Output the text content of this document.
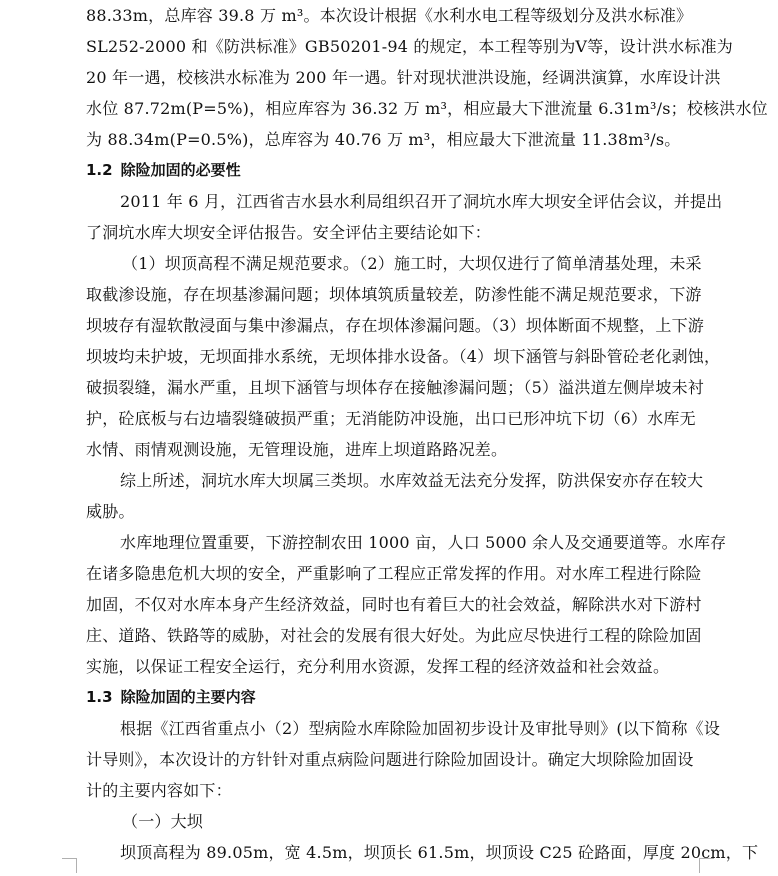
88.33m，总库容 39.8 万 m³。本次设计根据《水利水电工程等级划分及洪水标准》
SL252-2000 和《防洪标准》GB50201-94 的规定，本工程等别为Ⅴ等，设计洪水标准为
20 年一遇，校核洪水标准为 200 年一遇。针对现状泄洪设施，经调洪演算，水库设计洪
水位 87.72m(P=5%)，相应库容为 36.32 万 m³，相应最大下泄流量 6.31m³/s；校核洪水位
为 88.34m(P=0.5%)，总库容为 40.76 万 m³，相应最大下泄流量 11.38m³/s。
1.2 除险加固的必要性
2011 年 6 月，江西省吉水县水利局组织召开了洞坑水库大坝安全评估会议，并提出
了洞坑水库大坝安全评估报告。安全评估主要结论如下：
（1）坝顶高程不满足规范要求。（2）施工时，大坝仅进行了简单清基处理，未采
取截渗设施，存在坝基渗漏问题；坝体填筑质量较差，防渗性能不满足规范要求，下游
坝坡存有湿软散浸面与集中渗漏点，存在坝体渗漏问题。（3）坝体断面不规整，上下游
坝坡均未护坡，无坝面排水系统，无坝体排水设备。（4）坝下涵管与斜卧管砼老化剥蚀，
破损裂缝，漏水严重，且坝下涵管与坝体存在接触渗漏问题；（5）溢洪道左侧岸坡未衬
护，砼底板与右边墙裂缝破损严重；无消能防冲设施，出口已形冲坑下切（6）水库无
水情、雨情观测设施，无管理设施，进库上坝道路路况差。
综上所述，洞坑水库大坝属三类坝。水库效益无法充分发挥，防洪保安亦存在较大
威胁。
水库地理位置重要，下游控制农田 1000 亩，人口 5000 余人及交通要道等。水库存
在诸多隐患危机大坝的安全，严重影响了工程应正常发挥的作用。对水库工程进行除险
加固，不仅对水库本身产生经济效益，同时也有着巨大的社会效益，解除洪水对下游村
庄、道路、铁路等的威胁，对社会的发展有很大好处。为此应尽快进行工程的除险加固
实施，以保证工程安全运行，充分利用水资源，发挥工程的经济效益和社会效益。
1.3 除险加固的主要内容
根据《江西省重点小（2）型病险水库除险加固初步设计及审批导则》(以下简称《设
计导则》，本次设计的方针针对重点病险问题进行除险加固设计。确定大坝除险加固设
计的主要内容如下：
（一）大坝
坝顶高程为 89.05m，宽 4.5m，坝顶长 61.5m，坝顶设 C25 砼路面，厚度 20cm，下
